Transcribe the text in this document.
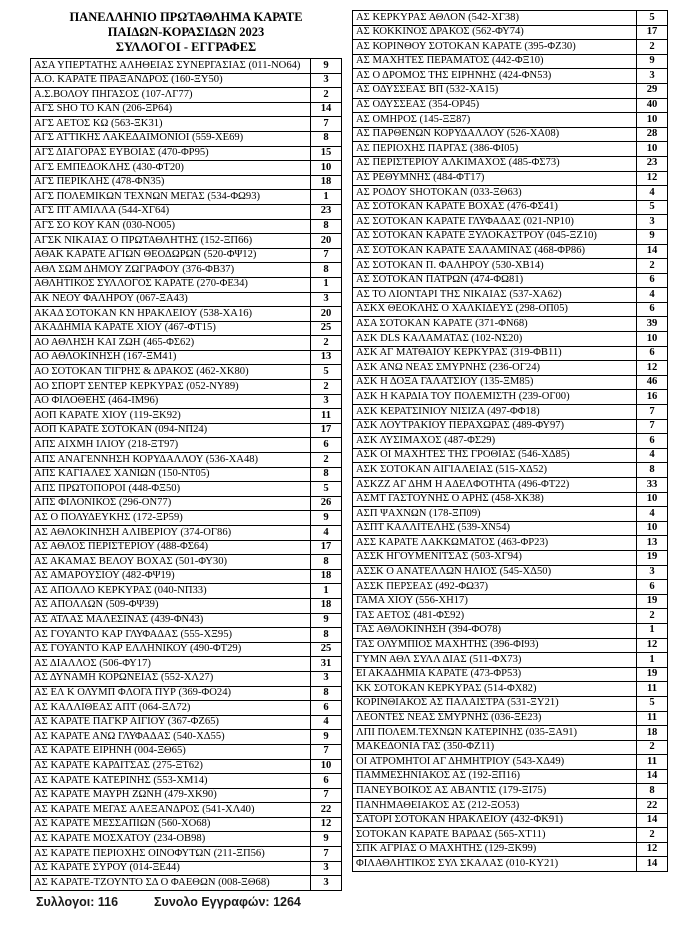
ΠΑΝΕΛΛΗΝΙΟ ΠΡΩΤΑΘΛΗΜΑ ΚΑΡΑΤΕ
ΠΑΙΔΩΝ-ΚΟΡΑΣΙΔΩΝ 2023
ΣΥΛΛΟΓΟΙ - ΕΓΓΡΑΦΕΣ
ΑΣΑ ΥΠΕΡΤΑΤΗΣ ΑΛΗΘΕΙΑΣ ΣΥΝΕΡΓΑΣΙΑΣ (011-ΝΟ64)	9
Α.Ο. ΚΑΡΑΤΕ ΠΡΑΞΑΝΔΡΟΣ (160-ΞΥ50)	3
Α.Σ.ΒΟΛΟΥ ΠΗΓΑΣΟΣ (107-ΛΓ77)	2
ΑΓΣ SHO TO KAN (206-ΞΡ64)	14
ΑΓΣ ΑΕΤΟΣ ΚΩ (563-ΞΚ31)	7
ΑΓΣ ΑΤΤΙΚΗΣ ΛΑΚΕΔΑΙΜΟΝΙΟΙ (559-ΧΕ69)	8
ΑΓΣ ΔΙΑΓΟΡΑΣ ΕΥΒΟΙΑΣ (470-ΦΡ95)	15
ΑΓΣ ΕΜΠΕΔΟΚΛΗΣ (430-ΦΤ20)	10
ΑΓΣ ΠΕΡΙΚΛΗΣ (478-ΦΝ35)	18
ΑΓΣ ΠΟΛΕΜΙΚΩΝ ΤΕΧΝΩΝ ΜΕΓΑΣ (534-ΦΩ93)	1
ΑΓΣ ΠΤ ΑΜΙΛΛΑ (544-ΧΓ64)	23
ΑΓΣ ΣΟ ΚΟΥ ΚΑΝ (030-ΝΟ05)	8
ΑΓΣΚ ΝΙΚΑΙΑΣ Ο ΠΡΩΤΑΘΛΗΤΗΣ (152-ΞΠ66)	20
ΑΘΑΚ ΚΑΡΑΤΕ ΑΓΙΩΝ ΘΕΟΔΩΡΩΝ (520-ΦΨ12)	7
ΑΘΛ ΣΩΜ ΔΗΜΟΥ ΖΩΓΡΑΦΟΥ (376-ΦΒ37)	8
ΑΘΛΗΤΙΚΟΣ ΣΥΛΛΟΓΟΣ ΚΑΡΑΤΕ (270-ΦΕ34)	1
ΑΚ ΝΕΟΥ ΦΑΛΗΡΟΥ (067-ΞΑ43)	3
ΑΚΑΔ ΣΟΤΟΚΑΝ ΚΝ ΗΡΑΚΛΕΙΟΥ (538-ΧΑ16)	20
ΑΚΑΔΗΜΙΑ ΚΑΡΑΤΕ ΧΙΟΥ (467-ΦΤ15)	25
ΑΟ ΑΘΛΗΣΗ ΚΑΙ ΖΩΗ (465-ΦΣ62)	2
ΑΟ ΑΘΛΟΚΙΝΗΣΗ (167-ΞΜ41)	13
ΑΟ ΣΟΤΟΚΑΝ ΤΙΓΡΗΣ & ΔΡΑΚΟΣ (462-ΧΚ80)	5
ΑΟ ΣΠΟΡΤ ΣΕΝΤΕΡ ΚΕΡΚΥΡΑΣ (052-ΝΥ89)	2
ΑΟ ΦΙΛΟΘΕΗΣ (464-ΙΜ96)	3
ΑΟΠ ΚΑΡΑΤΕ ΧΙΟΥ (119-ΞΚ92)	11
ΑΟΠ ΚΑΡΑΤΕ ΣΟΤΟΚΑΝ (094-ΝΠ24)	17
ΑΠΣ ΑΙΧΜΗ ΙΛΙΟΥ (218-ΞΤ97)	6
ΑΠΣ ΑΝΑΓΕΝΝΗΣΗ ΚΟΡΥΔΑΛΛΟΥ (536-ΧΑ48)	2
ΑΠΣ ΚΑΓΙΑΛΕΣ ΧΑΝΙΩΝ (150-ΝΤ05)	8
ΑΠΣ ΠΡΩΤΟΠΟΡΟΙ (448-ΦΞ50)	5
ΑΠΣ ΦΙΛΟΝΙΚΟΣ (296-ΟΝ77)	26
ΑΣ Ο ΠΟΛΥΔΕΥΚΗΣ (172-ΞΡ59)	9
ΑΣ ΑΘΛΟΚΙΝΗΣΗ ΑΛΙΒΕΡΙΟΥ (374-ΟΓ86)	4
ΑΣ ΑΘΛΟΣ ΠΕΡΙΣΤΕΡΙΟΥ (488-ΦΣ64)	17
ΑΣ ΑΚΑΜΑΣ ΒΕΛΟΥ ΒΟΧΑΣ (501-ΦΥ30)	8
ΑΣ ΑΜΑΡΟΥΣΙΟΥ (482-ΦΨ19)	18
ΑΣ ΑΠΟΛΛΟ ΚΕΡΚΥΡΑΣ (040-ΝΠ33)	1
ΑΣ ΑΠΟΛΛΩΝ (509-ΦΨ39)	18
ΑΣ ΑΤΛΑΣ ΜΑΛΕΣΙΝΑΣ (439-ΦΝ43)	9
ΑΣ ΓΟΥΑΝΤΟ ΚΑΡ ΓΛΥΦΑΔΑΣ (555-ΧΞ95)	8
ΑΣ ΓΟΥΑΝΤΟ ΚΑΡ ΕΛΛΗΝΙΚΟΥ (490-ΦΤ29)	25
ΑΣ ΔΙΑΛΛΟΣ (506-ΦΥ17)	31
ΑΣ ΔΥΝΑΜΗ ΚΟΡΩΝΕΙΑΣ (552-ΧΛ27)	3
ΑΣ ΕΛ Κ ΟΛΥΜΠ ΦΛΟΓΑ ΠΥΡ (369-ΦΟ24)	8
ΑΣ ΚΑΛΛΙΘΕΑΣ ΑΠΤ (064-ΞΛ72)	6
ΑΣ ΚΑΡΑΤΕ ΠΑΓΚΡ ΑΙΓΙΟΥ (367-ΦΖ65)	4
ΑΣ ΚΑΡΑΤΕ ΑΝΩ ΓΛΥΦΑΔΑΣ (540-ΧΔ55)	9
ΑΣ ΚΑΡΑΤΕ ΕΙΡΗΝΗ (004-ΞΘ65)	7
ΑΣ ΚΑΡΑΤΕ ΚΑΡΔΙΤΣΑΣ (275-ΞΤ62)	10
ΑΣ ΚΑΡΑΤΕ ΚΑΤΕΡΙΝΗΣ (553-ΧΜ14)	6
ΑΣ ΚΑΡΑΤΕ ΜΑΥΡΗ ΖΩΝΗ (479-ΧΚ90)	7
ΑΣ ΚΑΡΑΤΕ ΜΕΓΑΣ ΑΛΕΞΑΝΔΡΟΣ (541-ΧΛ40)	22
ΑΣ ΚΑΡΑΤΕ ΜΕΣΣΑΠΙΩΝ (560-ΧΟ68)	12
ΑΣ ΚΑΡΑΤΕ ΜΟΣΧΑΤΟΥ (234-ΟΒ98)	9
ΑΣ ΚΑΡΑΤΕ ΠΕΡΙΟΧΗΣ ΟΙΝΟΦΥΤΩΝ (211-ΞΠ56)	7
ΑΣ ΚΑΡΑΤΕ ΣΥΡΟΥ (014-ΞΕ44)	3
ΑΣ ΚΑΡΑΤΕ-ΤΖΟΥΝΤΟ ΣΔ Ο ΦΑΕΘΩΝ (008-ΞΘ68)	3
Συλλογοι: 116	Συνολο Εγγραφών: 1264
ΑΣ ΚΕΡΚΥΡΑΣ ΑΘΛΟΝ (542-ΧΓ38)	5
ΑΣ ΚΟΚΚΙΝΟΣ ΔΡΑΚΟΣ (562-ΦΥ74)	17
ΑΣ ΚΟΡΙΝΘΟΥ ΣΟΤΟΚΑΝ ΚΑΡΑΤΕ (395-ΦΖ30)	2
ΑΣ ΜΑΧΗΤΕΣ ΠΕΡΑΜΑΤΟΣ (442-ΦΞ10)	9
ΑΣ Ο ΔΡΟΜΟΣ ΤΗΣ ΕΙΡΗΝΗΣ (424-ΦΝ53)	3
ΑΣ ΟΔΥΣΣΕΑΣ ΒΠ (532-ΧΑ15)	29
ΑΣ ΟΔΥΣΣΕΑΣ (354-ΟΡ45)	40
ΑΣ ΟΜΗΡΟΣ (145-ΞΞ87)	10
ΑΣ ΠΑΡΘΕΝΩΝ ΚΟΡΥΔΑΛΛΟΥ (526-ΧΑ08)	28
ΑΣ ΠΕΡΙΟΧΗΣ ΠΑΡΓΑΣ (386-ΦΙ05)	10
ΑΣ ΠΕΡΙΣΤΕΡΙΟΥ ΑΛΚΙΜΑΧΟΣ (485-ΦΣ73)	23
ΑΣ ΡΕΘΥΜΝΗΣ (484-ΦΤ17)	12
ΑΣ ΡΟΔΟΥ SHOTOKAN (033-ΞΘ63)	4
ΑΣ ΣΟΤΟΚΑΝ ΚΑΡΑΤΕ ΒΟΧΑΣ (476-ΦΣ41)	5
ΑΣ ΣΟΤΟΚΑΝ ΚΑΡΑΤΕ ΓΛΥΦΑΔΑΣ (021-ΝΡ10)	3
ΑΣ ΣΟΤΟΚΑΝ ΚΑΡΑΤΕ ΞΥΛΟΚΑΣΤΡΟΥ (045-ΞΖ10)	9
ΑΣ ΣΟΤΟΚΑΝ ΚΑΡΑΤΕ ΣΑΛΑΜΙΝΑΣ (468-ΦΡ86)	14
ΑΣ ΣΟΤΟΚΑΝ Π. ΦΑΛΗΡΟΥ (530-ΧΒ14)	2
ΑΣ ΣΟΤΟΚΑΝ ΠΑΤΡΩΝ (474-ΦΩ81)	6
ΑΣ ΤΟ ΛΙΟΝΤΑΡΙ ΤΗΣ ΝΙΚΑΙΑΣ (537-ΧΑ62)	4
ΑΣΚΧ ΘΕΟΚΛΗΣ Ο ΧΑΛΚΙΔΕΥΣ (298-ΟΠ05)	6
ΑΣΑ ΣΟΤΟΚΑΝ ΚΑΡΑΤΕ (371-ΦΝ68)	39
ΑΣΚ DLS ΚΑΛΑΜΑΤΑΣ (102-ΝΣ20)	10
ΑΣΚ ΑΓ ΜΑΤΘΑΙΟΥ ΚΕΡΚΥΡΑΣ (319-ΦΒ11)	6
ΑΣΚ ΑΝΩ ΝΕΑΣ ΣΜΥΡΝΗΣ (236-ΟΓ24)	12
ΑΣΚ Η ΔΟΞΑ ΓΑΛΑΤΣΙΟΥ (135-ΞΜ85)	46
ΑΣΚ Η ΚΑΡΔΙΑ ΤΟΥ ΠΟΛΕΜΙΣΤΗ (239-ΟΓ00)	16
ΑΣΚ ΚΕΡΑΤΣΙΝΙΟΥ ΝΙΣΙΖΑ (497-ΦΦ18)	7
ΑΣΚ ΛΟΥΤΡΑΚΙΟΥ ΠΕΡΑΧΩΡΑΣ (489-ΦΥ97)	7
ΑΣΚ ΛΥΣΙΜΑΧΟΣ (487-ΦΣ29)	6
ΑΣΚ ΟΙ ΜΑΧΗΤΕΣ ΤΗΣ ΓΡΟΘΙΑΣ (546-ΧΔ85)	4
ΑΣΚ ΣΟΤΟΚΑΝ ΑΙΓΙΑΛΕΙΑΣ (515-ΧΔ52)	8
ΑΣΚΖΖ ΑΓ ΔΗΜ Η ΑΔΕΛΦΟΤΗΤΑ (496-ΦΤ22)	33
ΑΣΜΤ ΓΑΣΤΟΥΝΗΣ Ο ΑΡΗΣ (458-ΧΚ38)	10
ΑΣΠ ΨΑΧΝΩΝ (178-ΞΠ09)	4
ΑΣΠΤ ΚΑΛΛΙΤΕΛΗΣ (539-ΧΝ54)	10
ΑΣΣ ΚΑΡΑΤΕ ΛΑΚΚΩΜΑΤΟΣ (463-ΦΡ23)	13
ΑΣΣΚ ΗΓΟΥΜΕΝΙΤΣΑΣ (503-ΧΓ94)	19
ΑΣΣΚ Ο ΑΝΑΤΕΛΛΩΝ ΗΛΙΟΣ (545-ΧΔ50)	3
ΑΣΣΚ ΠΕΡΣΕΑΣ (492-ΦΩ37)	6
ΓΑΜΑ ΧΙΟΥ (556-ΧΗ17)	19
ΓΑΣ ΑΕΤΟΣ (481-ΦΣ92)	2
ΓΑΣ ΑΘΛΟΚΙΝΗΣΗ (394-ΦΟ78)	1
ΓΑΣ ΟΛΥΜΠΙΟΣ ΜΑΧΗΤΗΣ (396-ΦΙ93)	12
ΓΥΜΝ ΑΘΛ ΣΥΛΛ ΔΙΑΣ (511-ΦΧ73)	1
ΕΙ ΑΚΑΔΗΜΙΑ ΚΑΡΑΤΕ (473-ΦΡ53)	19
ΚΚ ΣΟΤΟΚΑΝ ΚΕΡΚΥΡΑΣ (514-ΦΧ82)	11
ΚΟΡΙΝΘΙΑΚΟΣ ΑΣ ΠΑΛΑΙΣΤΡΑ (531-ΞΥ21)	5
ΛΕΟΝΤΕΣ ΝΕΑΣ ΣΜΥΡΝΗΣ (036-ΞΕ23)	11
ΛΠΙ ΠΟΛΕΜ.ΤΕΧΝΩΝ ΚΑΤΕΡΙΝΗΣ (035-ΞΑ91)	18
ΜΑΚΕΔΟΝΙΑ ΓΑΣ (350-ΦΖ11)	2
ΟΙ ΑΤΡΟΜΗΤΟΙ ΑΓ ΔΗΜΗΤΡΙΟΥ (543-ΧΔ49)	11
ΠΑΜΜΕΣΗΝΙΑΚΟΣ ΑΣ (192-ΞΠ16)	14
ΠΑΝΕΥΒΟΙΚΟΣ ΑΣ ΑΒΑΝΤΙΣ (179-ΞΙ75)	8
ΠΑΝΗΜΑΘΕΙΑΚΟΣ ΑΣ (212-ΞΟ53)	22
ΣΑΤΟΡΙ ΣΟΤΟΚΑΝ ΗΡΑΚΛΕΙΟΥ (432-ΦΚ91)	14
ΣΟΤΟΚΑΝ ΚΑΡΑΤΕ ΒΑΡΔΑΣ (565-ΧΤ11)	2
ΣΠΚ ΑΓΡΙΑΣ Ο ΜΑΧΗΤΗΣ (129-ΞΚ99)	12
ΦΙΛΑΘΛΗΤΙΚΟΣ ΣΥΛ ΣΚΑΛΑΣ (010-ΚΥ21)	14
